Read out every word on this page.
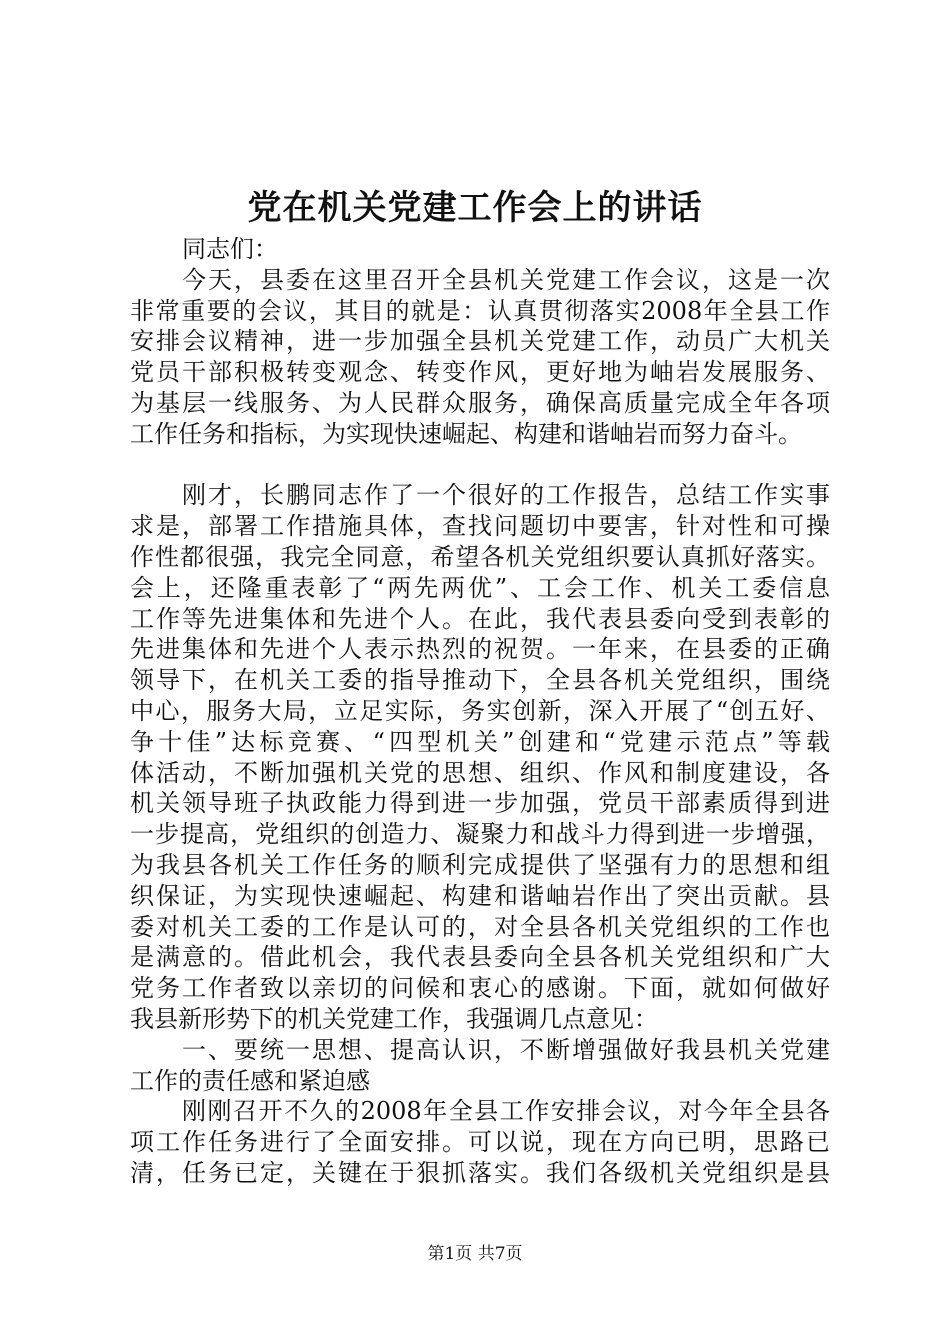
党在机关党建工作会上的讲话
同志们：
今天，县委在这里召开全县机关党建工作会议，这是一次
非常重要的会议，其目的就是：认真贯彻落实2008年全县工作
安排会议精神，进一步加强全县机关党建工作，动员广大机关
党员干部积极转变观念、转变作风，更好地为岫岩发展服务、
为基层一线服务、为人民群众服务，确保高质量完成全年各项
工作任务和指标，为实现快速崛起、构建和谐岫岩而努力奋斗。
刚才，长鹏同志作了一个很好的工作报告，总结工作实事
求是，部署工作措施具体，查找问题切中要害，针对性和可操
作性都很强，我完全同意，希望各机关党组织要认真抓好落实。
会上，还隆重表彰了“两先两优”、工会工作、机关工委信息
工作等先进集体和先进个人。在此，我代表县委向受到表彰的
先进集体和先进个人表示热烈的祝贺。一年来，在县委的正确
领导下，在机关工委的指导推动下，全县各机关党组织，围绕
中心，服务大局，立足实际，务实创新，深入开展了“创五好、
争十佳”达标竞赛、“四型机关”创建和“党建示范点”等载
体活动，不断加强机关党的思想、组织、作风和制度建设，各
机关领导班子执政能力得到进一步加强，党员干部素质得到进
一步提高，党组织的创造力、凝聚力和战斗力得到进一步增强，
为我县各机关工作任务的顺利完成提供了坚强有力的思想和组
织保证，为实现快速崛起、构建和谐岫岩作出了突出贡献。县
委对机关工委的工作是认可的，对全县各机关党组织的工作也
是满意的。借此机会，我代表县委向全县各机关党组织和广大
党务工作者致以亲切的问候和衷心的感谢。下面，就如何做好
我县新形势下的机关党建工作，我强调几点意见：
一、要统一思想、提高认识，不断增强做好我县机关党建
工作的责任感和紧迫感
刚刚召开不久的2008年全县工作安排会议，对今年全县各
项工作任务进行了全面安排。可以说，现在方向已明，思路已
清，任务已定，关键在于狠抓落实。我们各级机关党组织是县
第1页 共7页
